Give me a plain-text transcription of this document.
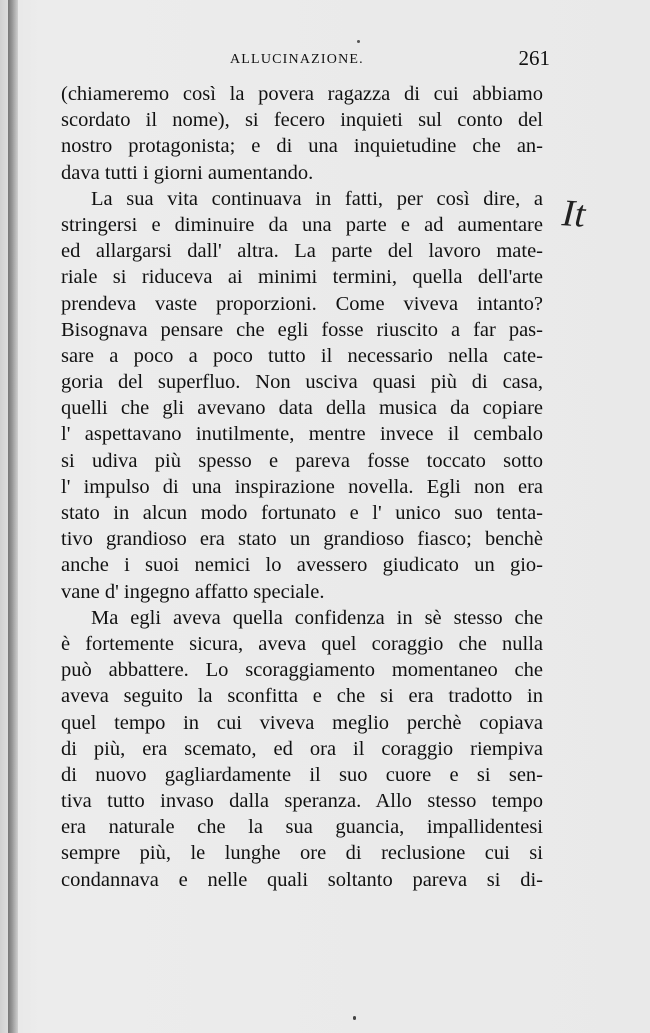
ALLUCINAZIONE.	261
(chiameremo così la povera ragazza di cui abbiamo
scordato il nome), si fecero inquieti sul conto del
nostro protagonista; e di una inquietudine che an-
dava tutti i giorni aumentando.
La sua vita continuava in fatti, per così dire, a
stringersi e diminuire da una parte e ad aumentare
ed allargarsi dall' altra. La parte del lavoro mate-
riale si riduceva ai minimi termini, quella dell'arte
prendeva vaste proporzioni. Come viveva intanto?
Bisognava pensare che egli fosse riuscito a far pas-
sare a poco a poco tutto il necessario nella cate-
goria del superfluo. Non usciva quasi più di casa,
quelli che gli avevano data della musica da copiare
l' aspettavano inutilmente, mentre invece il cembalo
si udiva più spesso e pareva fosse toccato sotto
l' impulso di una inspirazione novella. Egli non era
stato in alcun modo fortunato e l' unico suo tenta-
tivo grandioso era stato un grandioso fiasco; benchè
anche i suoi nemici lo avessero giudicato un gio-
vane d' ingegno affatto speciale.
Ma egli aveva quella confidenza in sè stesso che
è fortemente sicura, aveva quel coraggio che nulla
può abbattere. Lo scoraggiamento momentaneo che
aveva seguito la sconfitta e che si era tradotto in
quel tempo in cui viveva meglio perchè copiava
di più, era scemato, ed ora il coraggio riempiva
di nuovo gagliardamente il suo cuore e si sen-
tiva tutto invaso dalla speranza. Allo stesso tempo
era naturale che la sua guancia, impallidentesi
sempre più, le lunghe ore di reclusione cui si
condannava e nelle quali soltanto pareva si di-
It
